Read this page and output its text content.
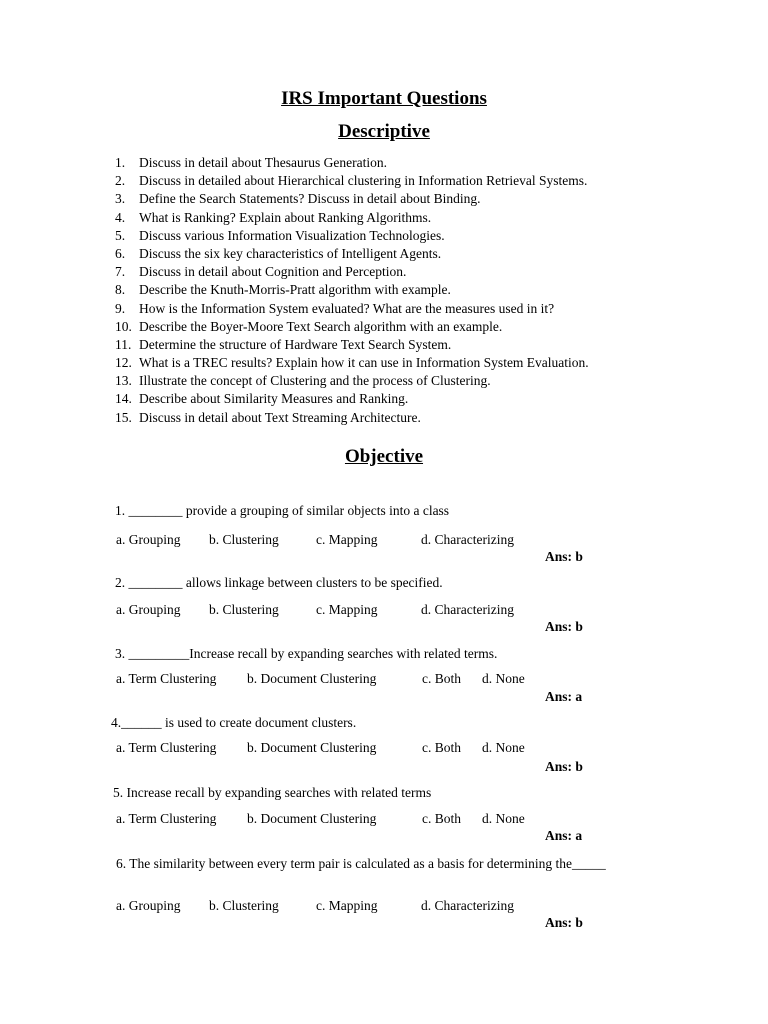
IRS Important Questions
Descriptive
1.	Discuss in detail about Thesaurus Generation.
2.	Discuss in detailed about Hierarchical clustering in Information Retrieval Systems.
3.	Define the Search Statements? Discuss in detail about Binding.
4.	What is Ranking? Explain about Ranking Algorithms.
5.	Discuss various Information Visualization Technologies.
6.	Discuss the six key characteristics of Intelligent Agents.
7.	Discuss in detail about Cognition and Perception.
8.	Describe the Knuth-Morris-Pratt algorithm with example.
9.	How is the Information System evaluated? What are the measures used in it?
10. Describe the Boyer-Moore Text Search algorithm with an example.
11. Determine the structure of Hardware Text Search System.
12. What is a TREC results? Explain how it can use in Information System Evaluation.
13. Illustrate the concept of Clustering and the process of Clustering.
14. Describe about Similarity Measures and Ranking.
15. Discuss in detail about Text Streaming Architecture.
Objective
1. ________ provide a grouping of similar objects into a class

a. Grouping

b. Clustering

	c. Mapping

	d. Characterizing

Ans: b
2. ________ allows linkage between clusters to be specified.

a. Grouping

b. Clustering

	c. Mapping

	d. Characterizing

Ans: b
3. _________Increase recall by expanding searches with related terms.

a. Term Clustering

b. Document Clustering

	c. Both

d. None

Ans: a
4.______ is used to create document clusters.

a. Term Clustering

b. Document Clustering

	c. Both

d. None

Ans: b
5. Increase recall by expanding searches with related terms

a. Term Clustering

b. Document Clustering

	c. Both

d. None

Ans: a
6. The similarity between every term pair is calculated as a basis for determining the_____

a. Grouping

b. Clustering

	c. Mapping

	d. Characterizing

Ans: b
